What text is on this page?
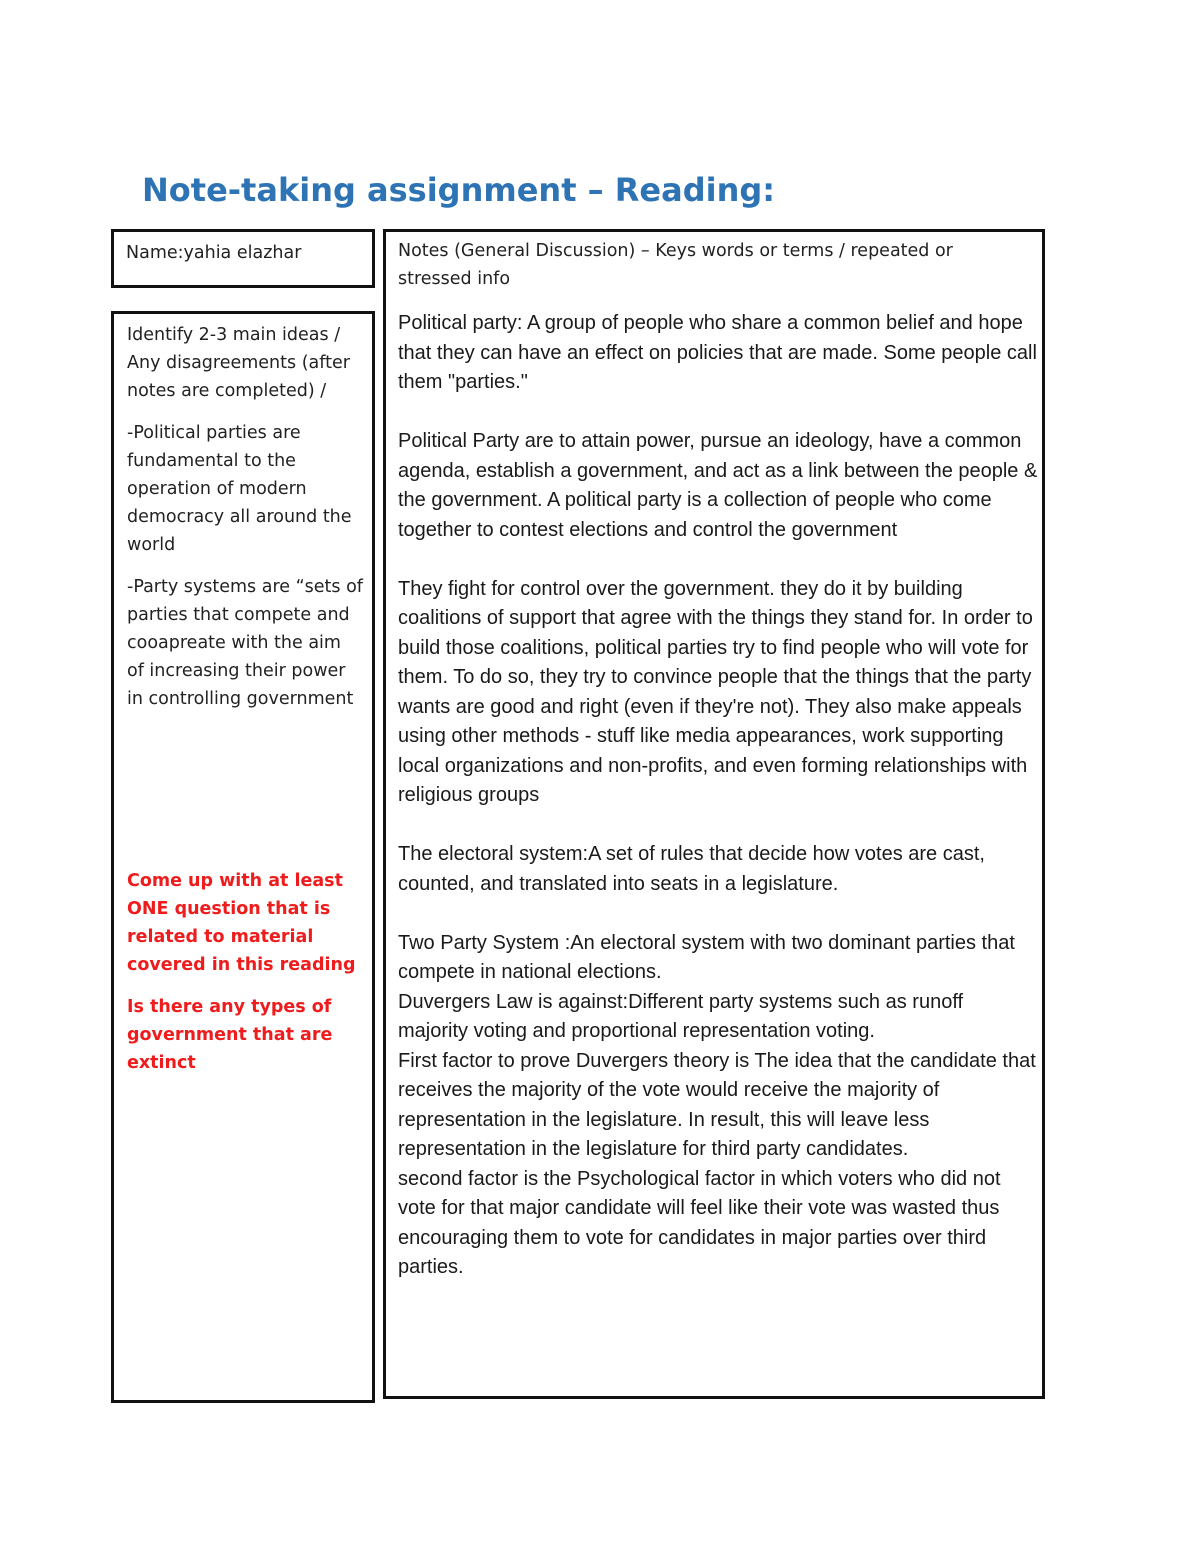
Note-taking assignment – Reading:
Name:yahia elazhar

Identify 2-3 main ideas / Any disagreements (after notes are completed) /

-Political parties are fundamental to the operation of modern democracy all around the world

-Party systems are “sets of parties that compete and cooapreate with the aim of increasing their power in controlling government

Come up with at least ONE question that is related to material covered in this reading

Is there any types of government that are extinct

Notes (General Discussion) – Keys words or terms / repeated or stressed info

Political party: A group of people who share a common belief and hope that they can have an effect on policies that are made. Some people call them "parties."

Political Party are to attain power, pursue an ideology, have a common agenda, establish a government, and act as a link between the people & the government. A political party is a collection of people who come together to contest elections and control the government

They fight for control over the government. they do it by building coalitions of support that agree with the things they stand for. In order to build those coalitions, political parties try to find people who will vote for them. To do so, they try to convince people that the things that the party wants are good and right (even if they're not). They also make appeals using other methods - stuff like media appearances, work supporting local organizations and non-profits, and even forming relationships with religious groups

The electoral system:A set of rules that decide how votes are cast, counted, and translated into seats in a legislature.

Two Party System :An electoral system with two dominant parties that compete in national elections.

Duvergers Law is against:Different party systems such as runoff majority voting and proportional representation voting.

First factor to prove Duvergers theory is The idea that the candidate that receives the majority of the vote would receive the majority of representation in the legislature. In result, this will leave less representation in the legislature for third party candidates.

second factor is the Psychological factor in which voters who did not vote for that major candidate will feel like their vote was wasted thus encouraging them to vote for candidates in major parties over third parties.
